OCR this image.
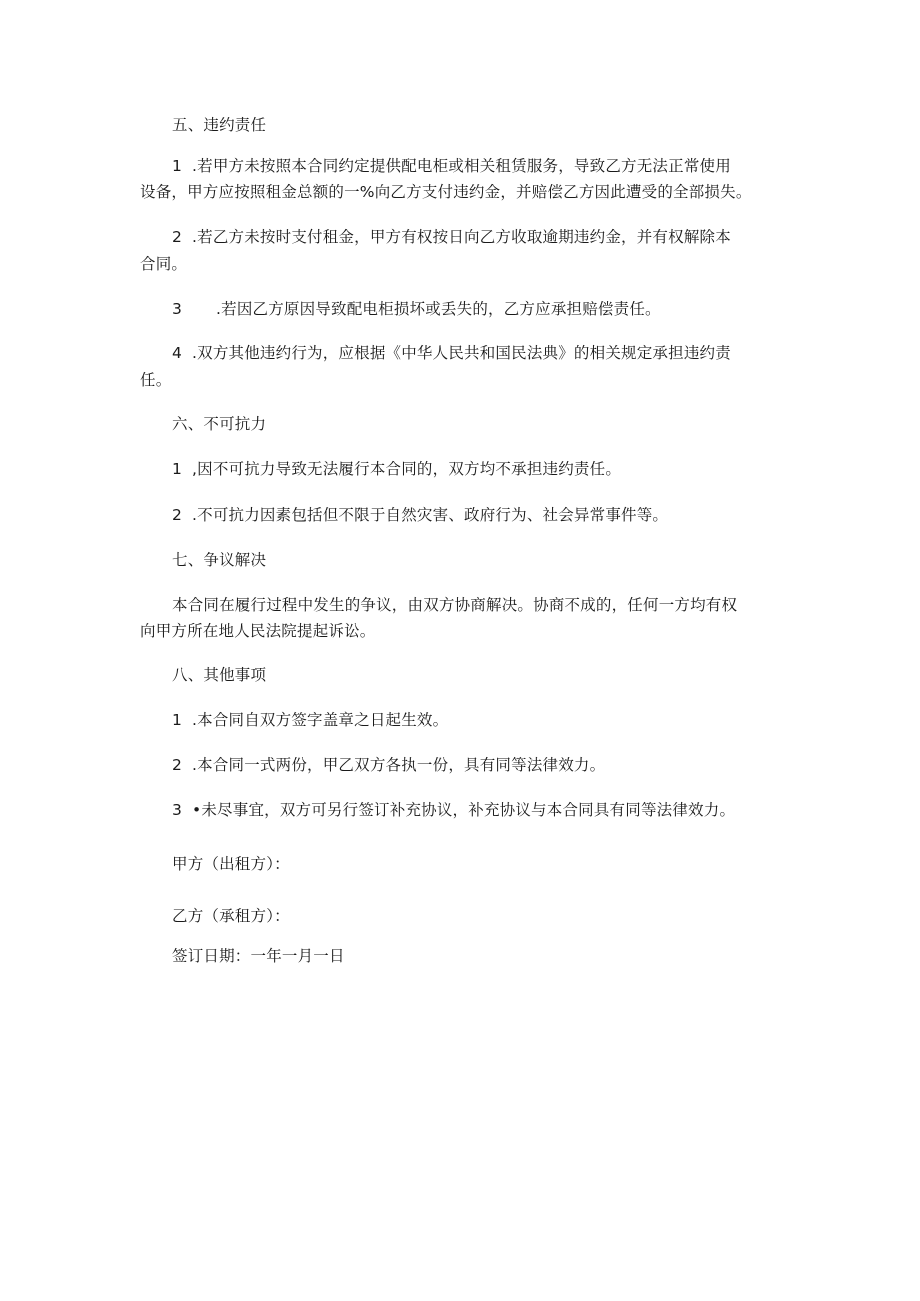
五、违约责任
1 .若甲方未按照本合同约定提供配电柜或相关租赁服务，导致乙方无法正常使用
设备，甲方应按照租金总额的一%向乙方支付违约金，并赔偿乙方因此遭受的全部损失。
2 .若乙方未按时支付租金，甲方有权按日向乙方收取逾期违约金，并有权解除本
合同。
3 .若因乙方原因导致配电柜损坏或丢失的，乙方应承担赔偿责任。
4 .双方其他违约行为，应根据《中华人民共和国民法典》的相关规定承担违约责
任。
六、不可抗力
1 ,因不可抗力导致无法履行本合同的，双方均不承担违约责任。
2 .不可抗力因素包括但不限于自然灾害、政府行为、社会异常事件等。
七、争议解决
本合同在履行过程中发生的争议，由双方协商解决。协商不成的，任何一方均有权
向甲方所在地人民法院提起诉讼。
八、其他事项
1 .本合同自双方签字盖章之日起生效。
2 .本合同一式两份，甲乙双方各执一份，具有同等法律效力。
3 •未尽事宜，双方可另行签订补充协议，补充协议与本合同具有同等法律效力。
甲方（出租方）：
乙方（承租方）：
签订日期：一年一月一日
